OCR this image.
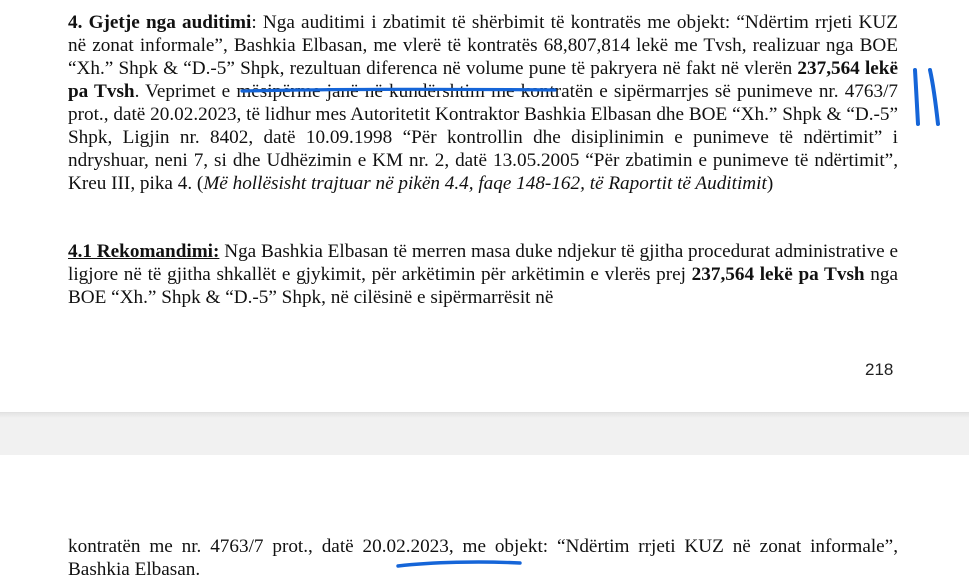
4. Gjetje nga auditimi: Nga auditimi i zbatimit të shërbimit të kontratës me objekt: “Ndërtim rrjeti KUZ në zonat informale”, Bashkia Elbasan, me vlerë të kontratës 68,807,814 lekë me Tvsh, realizuar nga BOE “Xh.” Shpk & “D.-5” Shpk, rezultuan diferenca në volume pune të pakryera në fakt në vlerën 237,564 lekë pa Tvsh. Veprimet e mësipërme janë në kundërshtim me kontratën e sipërmarrjes së punimeve nr. 4763/7 prot., datë 20.02.2023, të lidhur mes Autoritetit Kontraktor Bashkia Elbasan dhe BOE “Xh.” Shpk & “D.-5” Shpk, Ligjin nr. 8402, datë 10.09.1998 “Për kontrollin dhe disiplinimin e punimeve të ndërtimit” i ndryshuar, neni 7, si dhe Udhëzimin e KM nr. 2, datë 13.05.2005 “Për zbatimin e punimeve të ndërtimit”, Kreu III, pika 4. (Më hollësisht trajtuar në pikën 4.4, faqe 148-162, të Raportit të Auditimit)

4.1 Rekomandimi: Nga Bashkia Elbasan të merren masa duke ndjekur të gjitha procedurat administrative e ligjore në të gjitha shkallët e gjykimit, për arkëtimin për arkëtimin e vlerës prej 237,564 lekë pa Tvsh nga BOE “Xh.” Shpk & “D.-5” Shpk, në cilësinë e sipërmarrësit në

218

kontratën me nr. 4763/7 prot., datë 20.02.2023, me objekt: “Ndërtim rrjeti KUZ në zonat informale”, Bashkia Elbasan.
